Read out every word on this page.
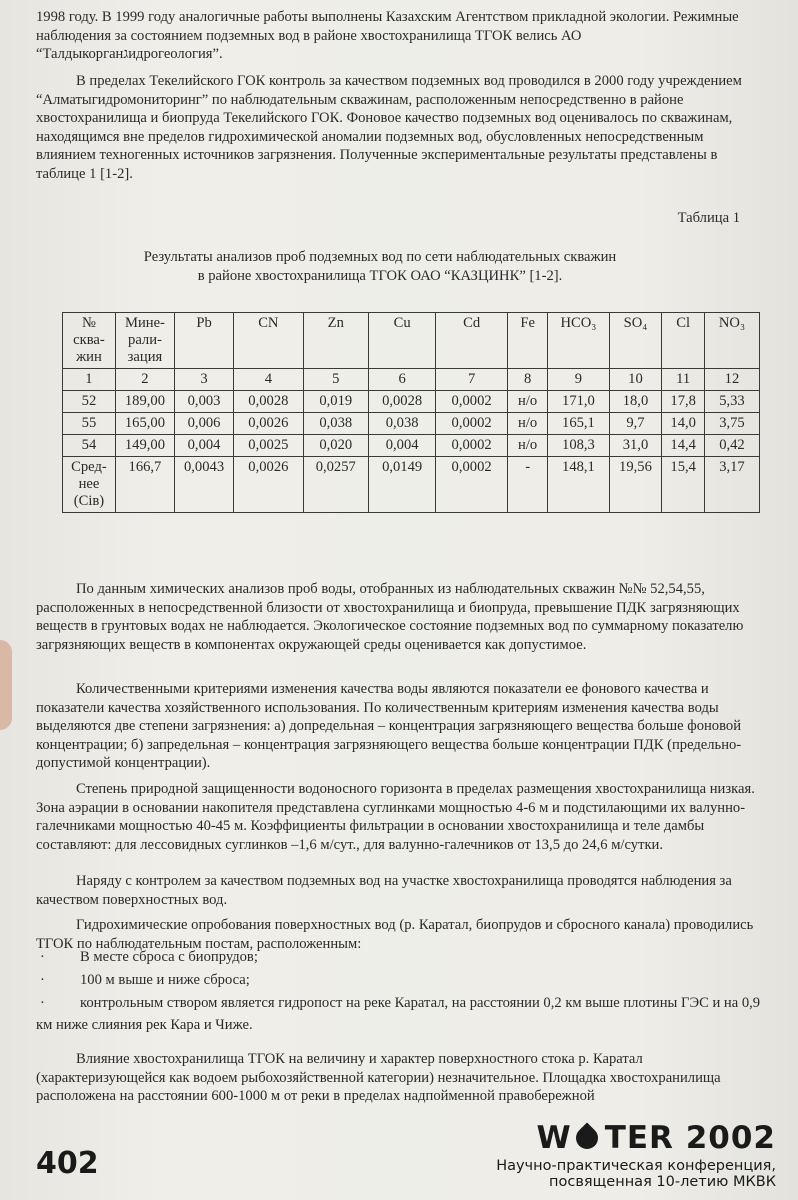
1998 году. В 1999 году аналогичные работы выполнены Казахским Агентством прикладной экологии. Режимные наблюдения за состоянием подземных вод в районе хвостохранилища ТГОК велись АО “Талдыкорганגидрогеология”.

В пределах Текелийского ГОК контроль за качеством подземных вод проводился в 2000 году учреждением “Алматыгидромониторинг” по наблюдательным скважинам, расположенным непосредственно в районе хвостохранилища и биопруда Текелийского ГОК. Фоновое качество подземных вод оценивалось по скважинам, находящимся вне пределов гидрохимической аномалии подземных вод, обусловленных непосредственным влиянием техногенных источников загрязнения. Полученные экспериментальные результаты представлены в таблице 1 [1-2].

Таблица 1
Результаты анализов проб подземных вод по сети наблюдательных скважин
в районе хвостохранилища ТГОК ОАО “КАЗЦИНК” [1-2].
№ сква-жин	Мине-рали-зация	Pb	CN	Zn	Cu	Cd	Fe	HCO₃	SO₄	Cl	NO₃
1	2	3	4	5	6	7	8	9	10	11	12
52	189,00	0,003	0,0028	0,019	0,0028	0,0002	н/о	171,0	18,0	17,8	5,33
55	165,00	0,006	0,0026	0,038	0,038	0,0002	н/о	165,1	9,7	14,0	3,75
54	149,00	0,004	0,0025	0,020	0,004	0,0002	н/о	108,3	31,0	14,4	0,42
Сред-нее (Сiв)	166,7	0,0043	0,0026	0,0257	0,0149	0,0002	-	148,1	19,56	15,4	3,17

По данным химических анализов проб воды, отобранных из наблюдательных скважин №№ 52,54,55, расположенных в непосредственной близости от хвостохранилища и биопруда, превышение ПДК загрязняющих веществ в грунтовых водах не наблюдается. Экологическое состояние подземных вод по суммарному показателю загрязняющих веществ в компонентах окружающей среды оценивается как допустимое.

Количественными критериями изменения качества воды являются показатели ее фонового качества и показатели качества хозяйственного использования. По количественным критериям изменения качества воды выделяются две степени загрязнения: а) допредельная – концентрация загрязняющего вещества больше фоновой концентрации; б) запредельная – концентрация загрязняющего вещества больше концентрации ПДК (предельно-допустимой концентрации).

Степень природной защищенности водоносного горизонта в пределах размещения хвостохранилища низкая. Зона аэрации в основании накопителя представлена суглинками мощностью 4-6 м и подстилающими их валунно-галечниками мощностью 40-45 м. Коэффициенты фильтрации в основании хвостохранилища и теле дамбы составляют: для лессовидных суглинков –1,6 м/сут., для валунно-галечников от 13,5 до 24,6 м/сутки.

Наряду с контролем за качеством подземных вод на участке хвостохранилища проводятся наблюдения за качеством поверхностных вод.

Гидрохимические опробования поверхностных вод (р. Каратал, биопрудов и сбросного канала) проводились ТГОК по наблюдательным постам, расположенным:

· В месте сброса с биопрудов;
· 100 м выше и ниже сброса;
· контрольным створом является гидропост на реке Каратал, на расстоянии 0,2 км выше плотины ГЭС и на 0,9 км ниже слияния рек Кара и Чиже.

Влияние хвостохранилища ТГОК на величину и характер поверхностного стока р. Каратал (характеризующейся как водоем рыбохозяйственной категории) незначительное. Площадка хвостохранилища расположена на расстоянии 600-1000 м от реки в пределах надпойменной правобережной

402
W TER 2002
Научно-практическая конференция,
посвященная 10-летию МКВК
